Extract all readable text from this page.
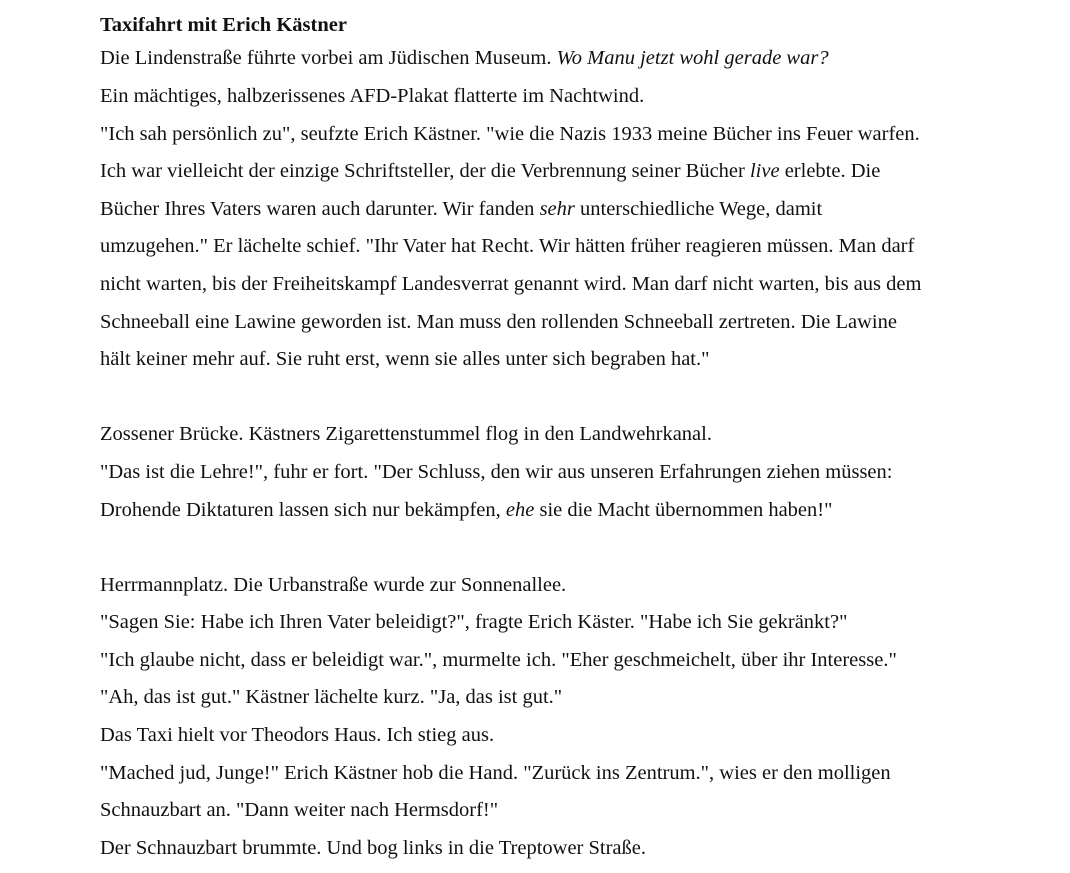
Taxifahrt mit Erich Kästner

Die Lindenstraße führte vorbei am Jüdischen Museum. Wo Manu jetzt wohl gerade war?

Ein mächtiges, halbzerissenes AFD-Plakat flatterte im Nachtwind.

"Ich sah persönlich zu", seufzte Erich Kästner. "wie die Nazis 1933 meine Bücher ins Feuer warfen.

Ich war vielleicht der einzige Schriftsteller, der die Verbrennung seiner Bücher live erlebte. Die

Bücher Ihres Vaters waren auch darunter. Wir fanden sehr unterschiedliche Wege, damit

umzugehen." Er lächelte schief. "Ihr Vater hat Recht. Wir hätten früher reagieren müssen. Man darf

nicht warten, bis der Freiheitskampf Landesverrat genannt wird. Man darf nicht warten, bis aus dem

Schneeball eine Lawine geworden ist. Man muss den rollenden Schneeball zertreten. Die Lawine

hält keiner mehr auf. Sie ruht erst, wenn sie alles unter sich begraben hat."

Zossener Brücke. Kästners Zigarettenstummel flog in den Landwehrkanal.

"Das ist die Lehre!", fuhr er fort. "Der Schluss, den wir aus unseren Erfahrungen ziehen müssen:

Drohende Diktaturen lassen sich nur bekämpfen, ehe sie die Macht übernommen haben!"

Herrmannplatz. Die Urbanstraße wurde zur Sonnenallee.

"Sagen Sie: Habe ich Ihren Vater beleidigt?", fragte Erich Käster. "Habe ich Sie gekränkt?"

"Ich glaube nicht, dass er beleidigt war.", murmelte ich. "Eher geschmeichelt, über ihr Interesse."

"Ah, das ist gut." Kästner lächelte kurz. "Ja, das ist gut."

Das Taxi hielt vor Theodors Haus. Ich stieg aus.

"Mached jud, Junge!" Erich Kästner hob die Hand. "Zurück ins Zentrum.", wies er den molligen

Schnauzbart an. "Dann weiter nach Hermsdorf!"

Der Schnauzbart brummte. Und bog links in die Treptower Straße.
